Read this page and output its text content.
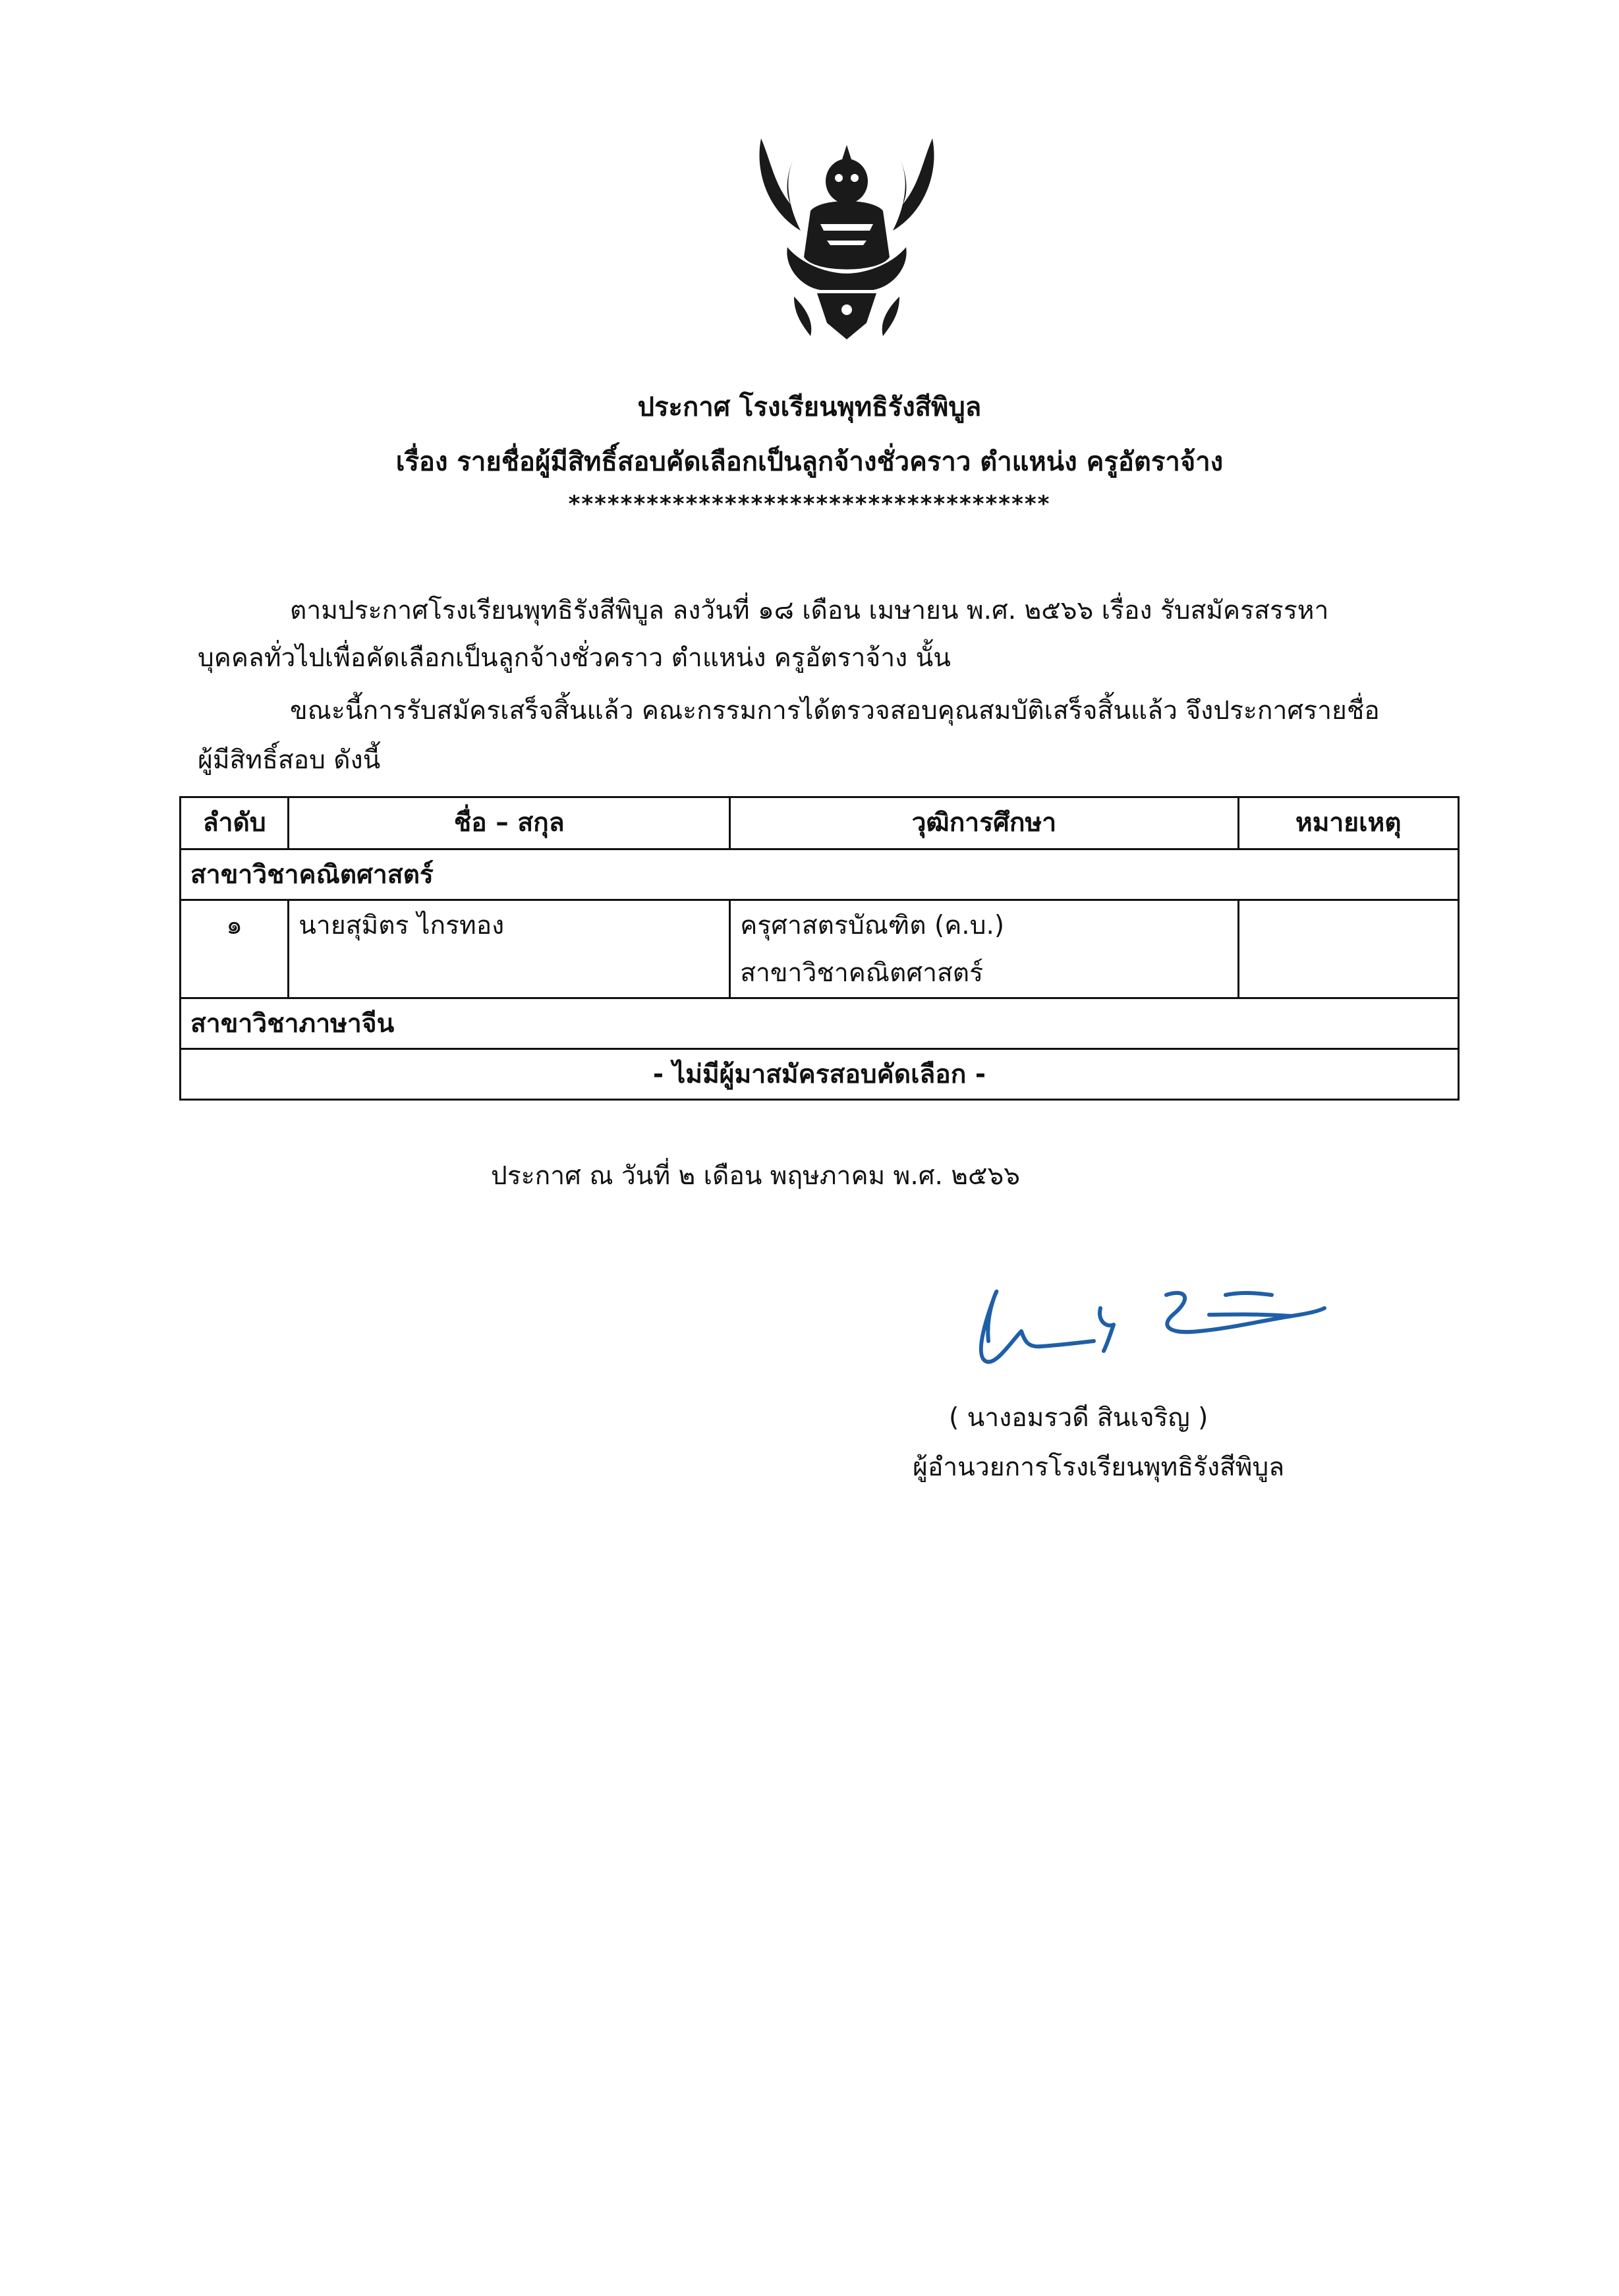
ประกาศ โรงเรียนพุทธิรังสีพิบูล
เรื่อง รายชื่อผู้มีสิทธิ์สอบคัดเลือกเป็นลูกจ้างชั่วคราว ตำแหน่ง ครูอัตราจ้าง
*************************************
ตามประกาศโรงเรียนพุทธิรังสีพิบูล ลงวันที่ ๑๘ เดือน เมษายน พ.ศ. ๒๕๖๖ เรื่อง รับสมัครสรรหา
บุคคลทั่วไปเพื่อคัดเลือกเป็นลูกจ้างชั่วคราว ตำแหน่ง ครูอัตราจ้าง นั้น
ขณะนี้การรับสมัครเสร็จสิ้นแล้ว คณะกรรมการได้ตรวจสอบคุณสมบัติเสร็จสิ้นแล้ว จึงประกาศรายชื่อ
ผู้มีสิทธิ์สอบ ดังนี้
ลำดับ	ชื่อ – สกุล	วุฒิการศึกษา	หมายเหตุ
สาขาวิชาคณิตศาสตร์			
๑	นายสุมิตร ไกรทอง	ครุศาสตรบัณฑิต (ค.บ.)
สาขาวิชาคณิตศาสตร์	

สาขาวิชาภาษาจีน			
- ไม่มีผู้มาสมัครสอบคัดเลือก -			
ประกาศ ณ วันที่ ๒ เดือน พฤษภาคม พ.ศ. ๒๕๖๖
( นางอมรวดี สินเจริญ )
ผู้อำนวยการโรงเรียนพุทธิรังสีพิบูล
